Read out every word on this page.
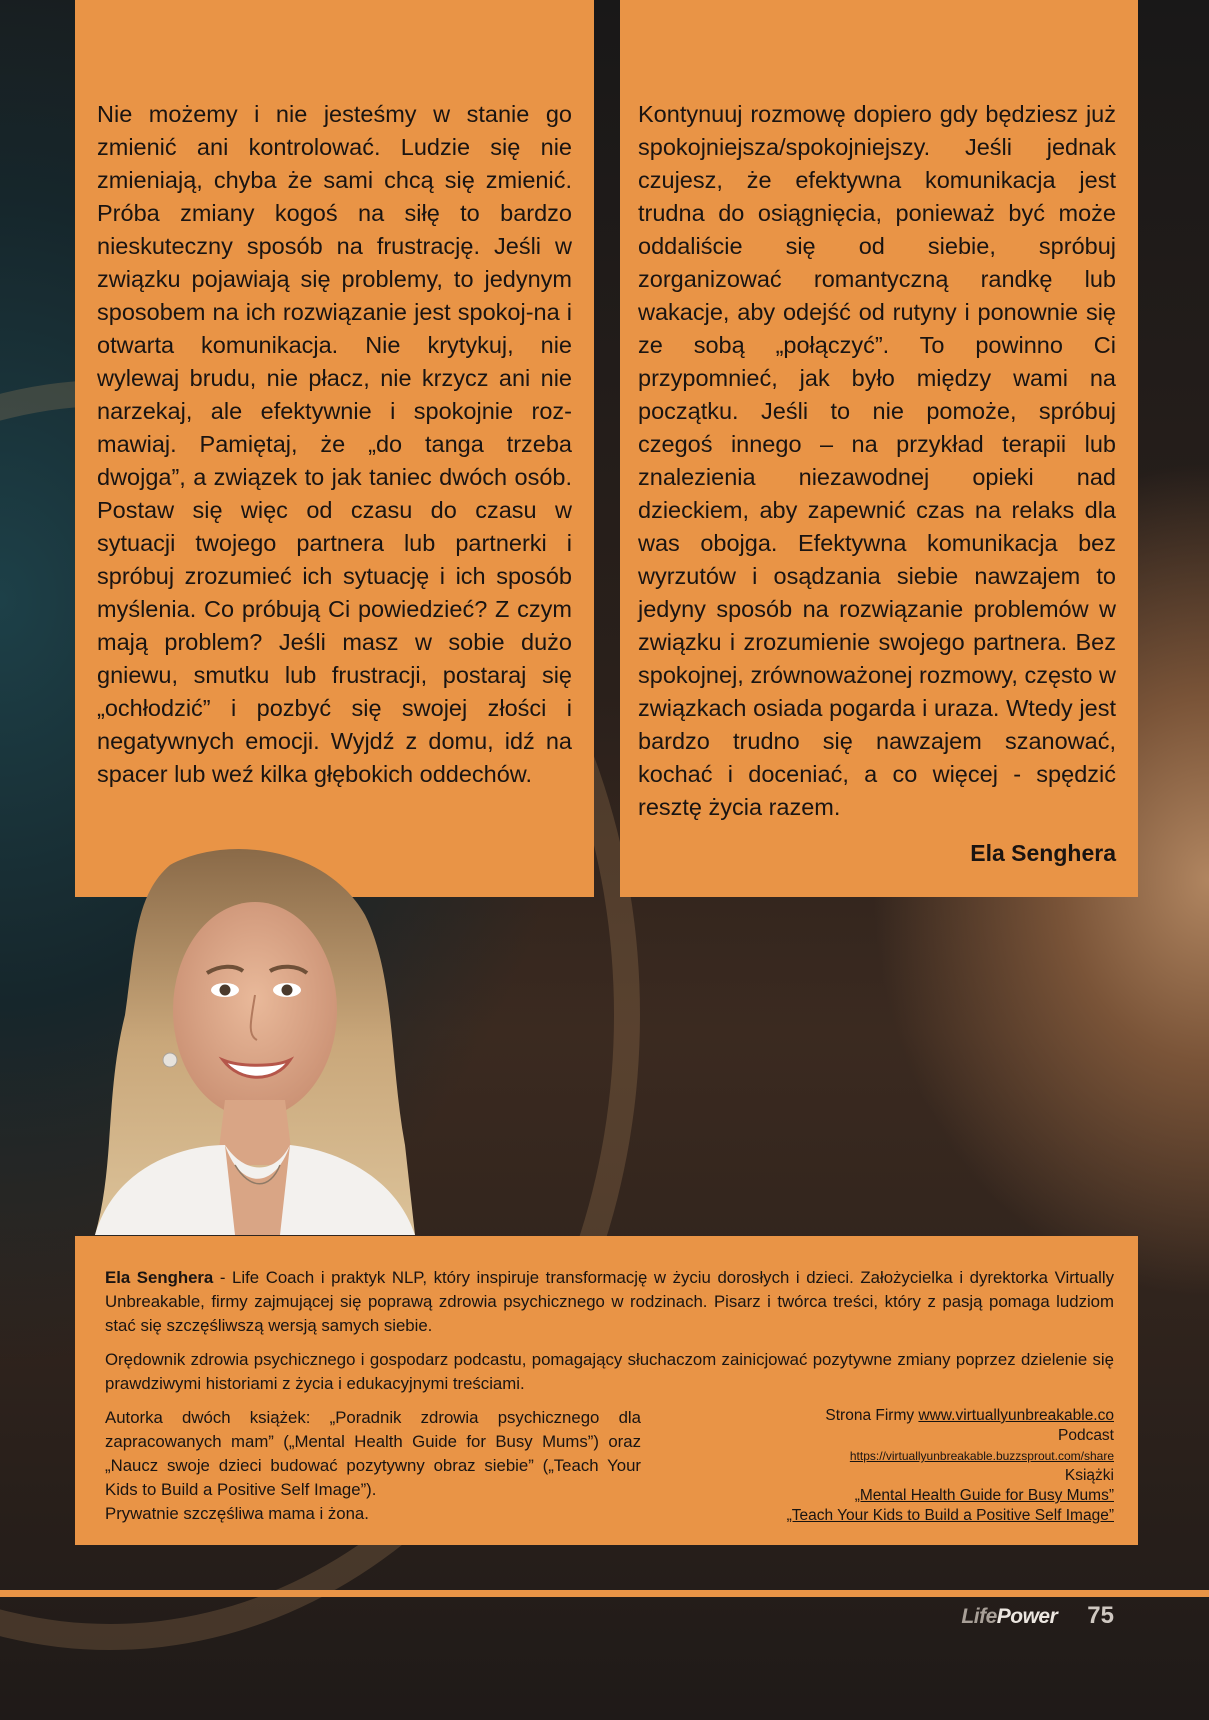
Nie możemy i nie jesteśmy w stanie go zmienić ani kontrolować. Ludzie się nie zmieniają, chyba że sami chcą się zmienić. Próba zmiany kogoś na siłę to bardzo nieskuteczny sposób na frustrację. Jeśli w związku pojawiają się problemy, to jedynym sposobem na ich rozwiązanie jest spokoj-na i otwarta komunikacja. Nie krytykuj, nie wylewaj brudu, nie płacz, nie krzycz ani nie narzekaj, ale efektywnie i spokojnie roz-mawiaj. Pamiętaj, że „do tanga trzeba dwojga”, a związek to jak taniec dwóch osób. Postaw się więc od czasu do czasu w sytuacji twojego partnera lub partnerki i spróbuj zrozumieć ich sytuację i ich sposób myślenia. Co próbują Ci powiedzieć? Z czym mają problem? Jeśli masz w sobie dużo gniewu, smutku lub frustracji, postaraj się „ochłodzić” i pozbyć się swojej złości i negatywnych emocji. Wyjdź z domu, idź na spacer lub weź kilka głębokich oddechów.

Kontynuuj rozmowę dopiero gdy będziesz już spokojniejsza/spokojniejszy. Jeśli jednak czujesz, że efektywna komunikacja jest trudna do osiągnięcia, ponieważ być może oddaliście się od siebie, spróbuj zorganizować romantyczną randkę lub wakacje, aby odejść od rutyny i ponownie się ze sobą „połączyć”. To powinno Ci przypomnieć, jak było między wami na początku. Jeśli to nie pomoże, spróbuj czegoś innego – na przykład terapii lub znalezienia niezawodnej opieki nad dzieckiem, aby zapewnić czas na relaks dla was obojga. Efektywna komunikacja bez wyrzutów i osądzania siebie nawzajem to jedyny sposób na rozwiązanie problemów w związku i zrozumienie swojego partnera. Bez spokojnej, zrównoważonej rozmowy, często w związkach osiada pogarda i uraza. Wtedy jest bardzo trudno się nawzajem szanować, kochać i doceniać, a co więcej - spędzić resztę życia razem.

Ela Senghera

Ela Senghera - Life Coach i praktyk NLP, który inspiruje transformację w życiu dorosłych i dzieci. Założycielka i dyrektorka Virtually Unbreakable, firmy zajmującej się poprawą zdrowia psychicznego w rodzinach. Pisarz i twórca treści, który z pasją pomaga ludziom stać się szczęśliwszą wersją samych siebie.

Orędownik zdrowia psychicznego i gospodarz podcastu, pomagający słuchaczom zainicjować pozytywne zmiany poprzez dzielenie się prawdziwymi historiami z życia i edukacyjnymi treściami.

Autorka dwóch książek: „Poradnik zdrowia psychicznego dla zapracowanych mam” („Mental Health Guide for Busy Mums”) oraz „Naucz swoje dzieci budować pozytywny obraz siebie” („Teach Your Kids to Build a Positive Self Image”).
Prywatnie szczęśliwa mama i żona.
Strona Firmy www.virtuallyunbreakable.co
Podcast
https://virtuallyunbreakable.buzzsprout.com/share
Książki
„Mental Health Guide for Busy Mums”
„Teach Your Kids to Build a Positive Self Image”
LifePower 75
